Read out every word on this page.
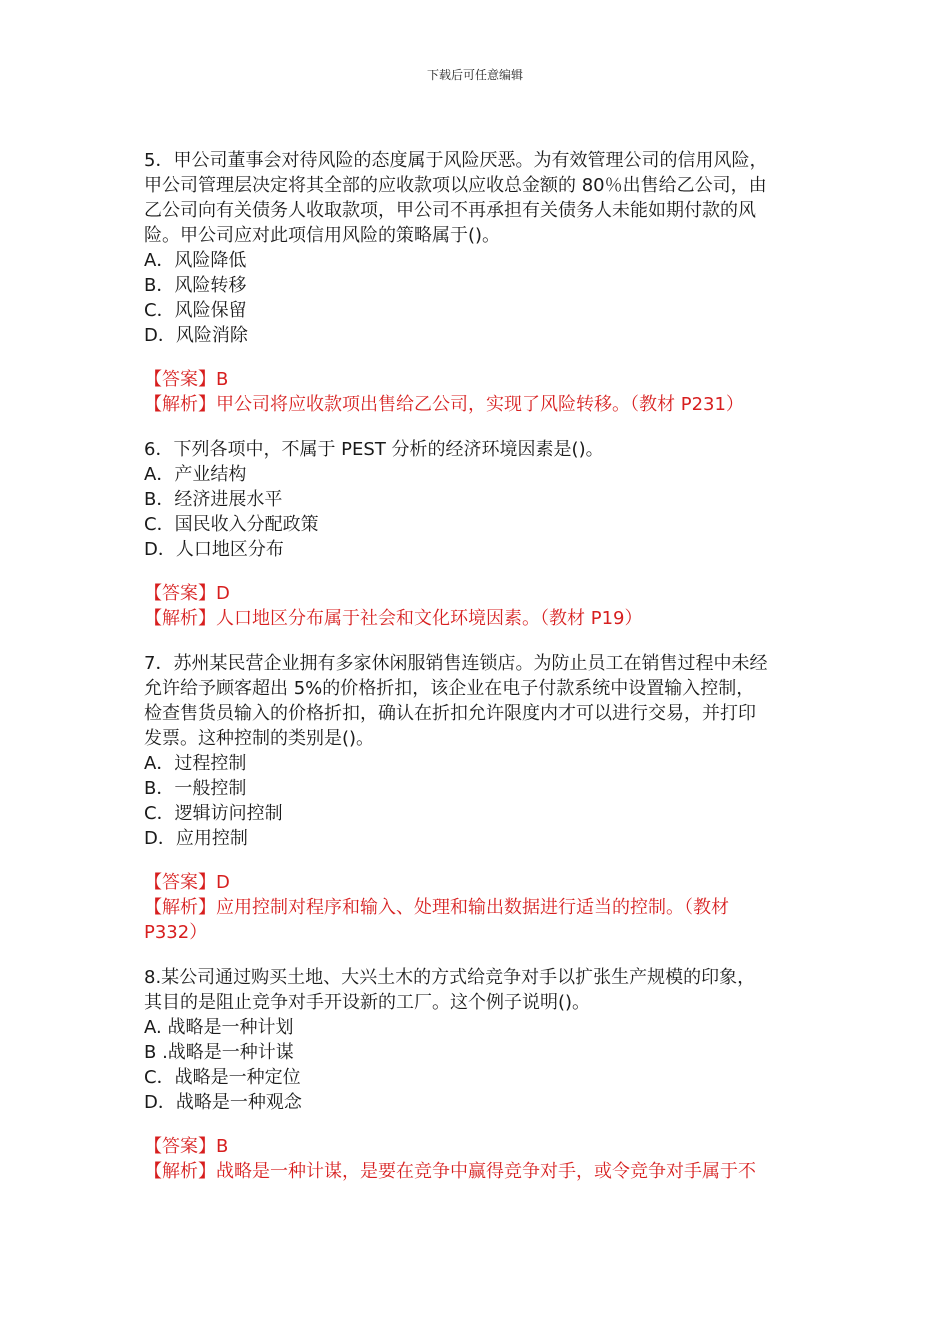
下载后可任意编辑
5．甲公司董事会对待风险的态度属于风险厌恶。为有效管理公司的信用风险，
甲公司管理层决定将其全部的应收款项以应收总金额的 80％出售给乙公司，由
乙公司向有关债务人收取款项，甲公司不再承担有关债务人未能如期付款的风
险。甲公司应对此项信用风险的策略属于()。
A．风险降低
B．风险转移
C．风险保留
D．风险消除
【答案】B
【解析】甲公司将应收款项出售给乙公司，实现了风险转移。（教材 P231）
6．下列各项中，不属于 PEST 分析的经济环境因素是()。
A．产业结构
B．经济进展水平
C．国民收入分配政策
D．人口地区分布
【答案】D
【解析】人口地区分布属于社会和文化环境因素。（教材 P19）
7．苏州某民营企业拥有多家休闲服销售连锁店。为防止员工在销售过程中未经
允许给予顾客超出 5%的价格折扣，该企业在电子付款系统中设置输入控制，
检查售货员输入的价格折扣，确认在折扣允许限度内才可以进行交易，并打印
发票。这种控制的类别是()。
A．过程控制
B．一般控制
C．逻辑访问控制
D．应用控制
【答案】D
【解析】应用控制对程序和输入、处理和输出数据进行适当的控制。（教材
P332）
8.某公司通过购买土地、大兴土木的方式给竞争对手以扩张生产规模的印象，
其目的是阻止竞争对手开设新的工厂。这个例子说明()。
A. 战略是一种计划
B .战略是一种计谋
C．战略是一种定位
D．战略是一种观念
【答案】B
【解析】战略是一种计谋，是要在竞争中赢得竞争对手，或令竞争对手属于不
